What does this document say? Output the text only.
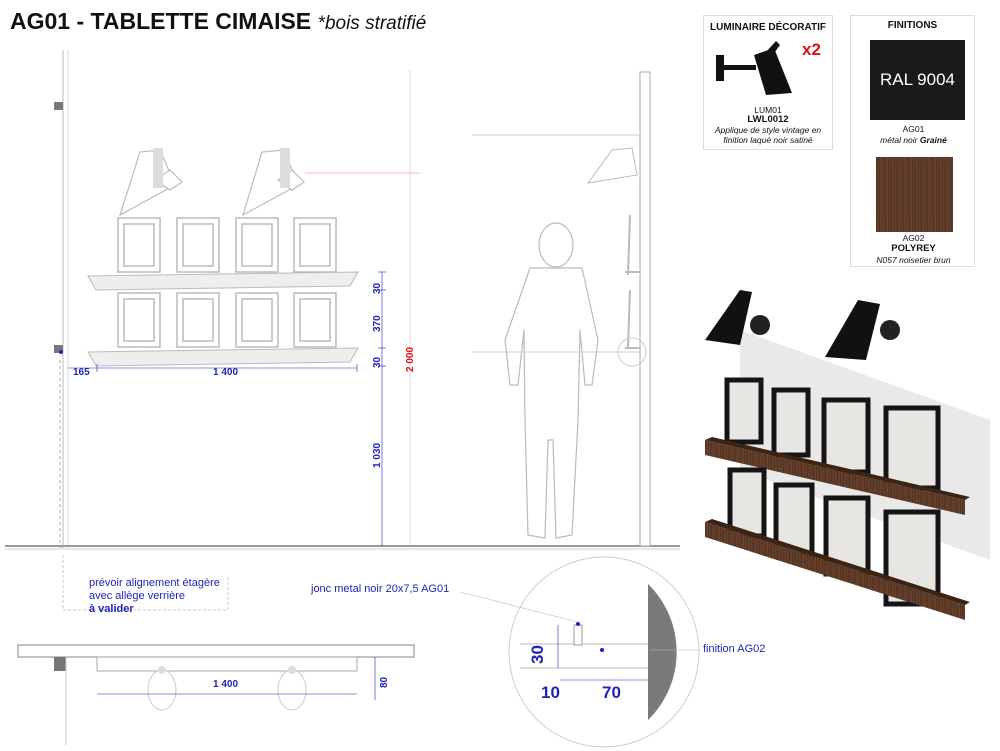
AG01 - TABLETTE CIMAISE *bois stratifié
165	1 400
30
370
30
1 030
2 000
prévoir alignement étagère
avec allège verrière
à valider
jonc metal noir 20x7,5 AG01
finition AG02
30
10 70
1 400	80
LUMINAIRE DÉCORATIF
x2
LUM01
LWL0012
Applique de style vintage en
finition laqué noir satiné
FINITIONS
RAL 9004
AG01
métal noir Grainé
AG02
POLYREY
N057 noisetier brun
